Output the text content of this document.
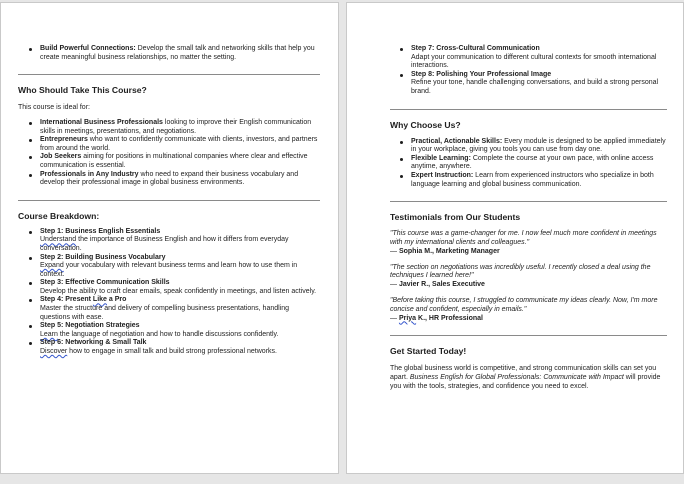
Build Powerful Connections: Develop the small talk and networking skills that help you create meaningful business relationships, no matter the setting.
Who Should Take This Course?

This course is ideal for:

International Business Professionals looking to improve their English communication skills in meetings, presentations, and negotiations.
Entrepreneurs who want to confidently communicate with clients, investors, and partners from around the world.
Job Seekers aiming for positions in multinational companies where clear and effective communication is essential.
Professionals in Any Industry who need to expand their business vocabulary and develop their professional image in global business environments.
Course Breakdown:
Step 1: Business English Essentials
Understand the importance of Business English and how it differs from everyday conversation.
Step 2: Building Business Vocabulary
Expand your vocabulary with relevant business terms and learn how to use them in context.
Step 3: Effective Communication Skills
Develop the ability to craft clear emails, speak confidently in meetings, and listen actively.
Step 4: Present Like a Pro
Master the structure and delivery of compelling business presentations, handling questions with ease.
Step 5: Negotiation Strategies
Learn the language of negotiation and how to handle discussions confidently.
Step 6: Networking & Small Talk
Discover how to engage in small talk and build strong professional networks.
Step 7: Cross-Cultural Communication
Adapt your communication to different cultural contexts for smooth international interactions.
Step 8: Polishing Your Professional Image
Refine your tone, handle challenging conversations, and build a strong personal brand.
Why Choose Us?
Practical, Actionable Skills: Every module is designed to be applied immediately in your workplace, giving you tools you can use from day one.
Flexible Learning: Complete the course at your own pace, with online access anytime, anywhere.
Expert Instruction: Learn from experienced instructors who specialize in both language learning and global business communication.
Testimonials from Our Students

"This course was a game-changer for me. I now feel much more confident in meetings with my international clients and colleagues."

— Sophia M., Marketing Manager

"The section on negotiations was incredibly useful. I recently closed a deal using the techniques I learned here!"

— Javier R., Sales Executive

"Before taking this course, I struggled to communicate my ideas clearly. Now, I'm more concise and confident, especially in emails."

— Priya K., HR Professional

Get Started Today!

The global business world is competitive, and strong communication skills can set you apart. Business English for Global Professionals: Communicate with Impact will provide you with the tools, strategies, and confidence you need to excel.
